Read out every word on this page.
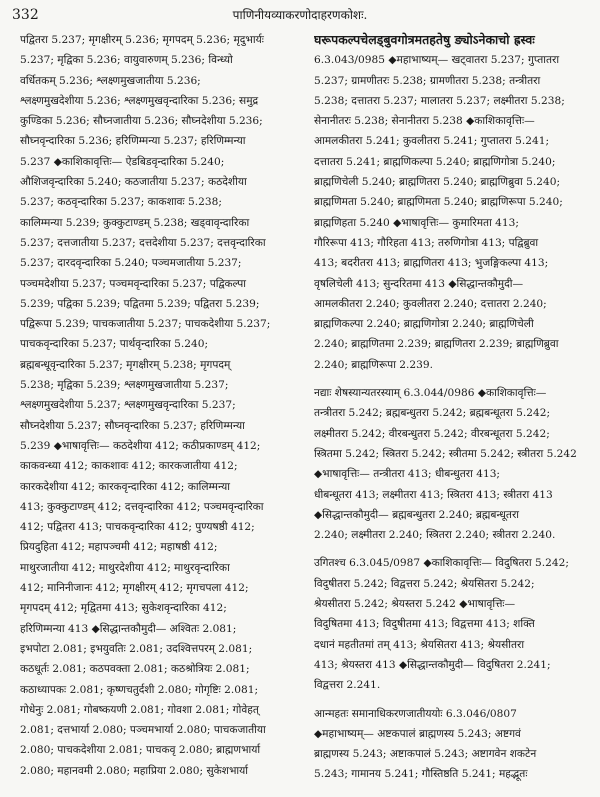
332	पाणिनीयव्याकरणोदाहरणकोशः.

पद्वितरा 5.237; मृगक्षीरम् 5.236; मृगपदम् 5.236; मृदुभार्यः
5.237; मृद्विका 5.236; वायुवारुणम् 5.236; विन्ध्यो
वर्धितकम् 5.236; श्लक्ष्णमुखजातीया 5.236;
श्लक्ष्णमुखदेशीया 5.236; श्लक्ष्णमुखवृन्दारिका 5.236; समुद्र
कुण्डिका 5.236; सौघ्नजातीया 5.236; सौघ्नदेशीया 5.236;
सौघ्नवृन्दारिका 5.236; हरिणिम्मन्या 5.237; हरिणिम्मन्या
5.237 ◆काशिकावृत्तिः— ऐडबिडवृन्दारिका 5.240;
औशिजवृन्दारिका 5.240; कठजातीया 5.237; कठदेशीया
5.237; कठवृन्दारिका 5.237; काकशावः 5.238;
कालिम्मन्या 5.239; कुक्कुटाण्डम् 5.238; खड्वावृन्दारिका
5.237; दत्तजातीया 5.237; दत्तदेशीया 5.237; दत्तवृन्दारिका
5.237; दारदवृन्दारिका 5.240; पञ्चमजातीया 5.237;
पञ्चमदेशीया 5.237; पञ्चमवृन्दारिका 5.237; पद्विकल्पा
5.239; पद्विका 5.239; पद्वितमा 5.239; पद्वितरा 5.239;
पद्विरूपा 5.239; पाचकजातीया 5.237; पाचकदेशीया 5.237;
पाचकवृन्दारिका 5.237; पार्थवृन्दारिका 5.240;
ब्रह्मबन्धूवृन्दारिका 5.237; मृगक्षीरम् 5.238; मृगपदम्
5.238; मृद्विका 5.239; श्लक्ष्णमुखजातीया 5.237;
श्लक्ष्णमुखदेशीया 5.237; श्लक्ष्णमुखवृन्दारिका 5.237;
सौघ्नदेशीया 5.237; सौघ्नवृन्दारिका 5.237; हरिणिम्मन्या
5.239 ◆भाषावृत्तिः— कठदेशीया 412; कठीप्रकाण्डम् 412;
काकवन्ध्या 412; काकशावः 412; कारकजातीया 412;
कारकदेशीया 412; कारकवृन्दारिका 412; कालिम्मन्या
413; कुक्कुटाण्डम् 412; दत्तवृन्दारिका 412; पञ्चमवृन्दारिका
412; पद्वितरा 413; पाचकवृन्दारिका 412; पुण्यषष्ठी 412;
प्रियदुहिता 412; महापञ्चमी 412; महाषष्ठी 412;
माथुरजातीया 412; माथुरदेशीया 412; माथुरवृन्दारिका
412; मानिनीजानः 412; मृगक्षीरम् 412; मृगचपला 412;
मृगपदम् 412; मृद्वितमा 413; सुकेशवृन्दारिका 412;
हरिणिम्मन्या 413 ◆सिद्धान्तकौमुदी— अश्वितः 2.081;
इभपोटा 2.081; इभयुवतिः 2.081; उदश्वित्तपरम् 2.081;
कठधूर्तः 2.081; कठपवक्ता 2.081; कठश्रोत्रियः 2.081;
कठाध्यापकः 2.081; कृष्णचतुर्दशी 2.080; गोगृष्टिः 2.081;
गोधेनुः 2.081; गोबष्कयणी 2.081; गोवशा 2.081; गोवेहत्
2.081; दत्तभार्या 2.080; पञ्चमभार्या 2.080; पाचकजातीया
2.080; पाचकदेशीया 2.081; पाचकवृ 2.080; ब्राह्मणभार्या
2.080; महानवमी 2.080; महाप्रिया 2.080; सुकेशभार्या

घरूपकल्पचेलड्बुवगोत्रमतहतेषु ङ्योऽनेकाचो ह्रस्वः

6.3.043/0985 ◆महाभाष्यम्— खट्वातरा 5.237; गुप्तातरा
5.237; ग्रामणीतरः 5.238; ग्रामणीतरा 5.238; तन्त्रीतरा
5.238; दत्तातरा 5.237; मालातरा 5.237; लक्ष्मीतरा 5.238;
सेनानीतरः 5.238; सेनानीतरा 5.238 ◆काशिकावृत्तिः—
आमलकीतरा 5.241; कुवलीतरा 5.241; गुप्तातरा 5.241;
दत्तातरा 5.241; ब्राह्मणिकल्पा 5.240; ब्राह्मणिगोत्रा 5.240;
ब्राह्मणिचेली 5.240; ब्राह्मणितरा 5.240; ब्राह्मणिब्रुवा 5.240;
ब्राह्मणिमता 5.240; ब्राह्मणिमता 5.240; ब्राह्मणिरूपा 5.240;
ब्राह्मणिहता 5.240 ◆भाषावृत्तिः— कुमारिमता 413;
गौरिरूपा 413; गौरिहता 413; तरुणिगोत्रा 413; पद्विब्रुवा
413; बदरीतरा 413; ब्राह्मणितरा 413; भुजङ्गिकल्पा 413;
वृषलिचेली 413; सुन्दरितमा 413 ◆सिद्धान्तकौमुदी—
आमलकीतरा 2.240; कुवलीतरा 2.240; दत्तातरा 2.240;
ब्राह्मणिकल्पा 2.240; ब्राह्मणिगोत्रा 2.240; ब्राह्मणिचेली
2.240; ब्राह्मणितमा 2.239; ब्राह्मणितरा 2.239; ब्राह्मणिब्रुवा
2.240; ब्राह्मणिरूपा 2.239.

नद्याः शेषस्यान्यतरस्याम् 6.3.044/0986 ◆काशिकावृत्तिः—
तन्त्रीतरा 5.242; ब्रह्मबन्धुतरा 5.242; ब्रह्मबन्धूतरा 5.242;
लक्ष्मीतरा 5.242; वीरबन्धुतरा 5.242; वीरबन्धूतरा 5.242;
स्त्रितमा 5.242; स्त्रितरा 5.242; स्त्रीतमा 5.242; स्त्रीतरा 5.242
◆भाषावृत्तिः— तन्त्रीतरा 413; धीबन्धुतरा 413;
धीबन्धूतरा 413; लक्ष्मीतरा 413; स्त्रितरा 413; स्त्रीतरा 413
◆सिद्धान्तकौमुदी— ब्रह्मबन्धुतरा 2.240; ब्रह्मबन्धूतरा
2.240; लक्ष्मीतरा 2.240; स्त्रितरा 2.240; स्त्रीतरा 2.240.

उगितश्च 6.3.045/0987 ◆काशिकावृत्तिः— विदुषितरा 5.242;
विदुषीतरा 5.242; विद्वत्तरा 5.242; श्रेयसितरा 5.242;
श्रेयसीतरा 5.242; श्रेयस्तरा 5.242 ◆भाषावृत्तिः—
विदुषितमा 413; विदुषीतमा 413; विद्वत्तमा 413; शक्ति
दधानं महतीतमां तम् 413; श्रेयसितरा 413; श्रेयसीतरा
413; श्रेयस्तरा 413 ◆सिद्धान्तकौमुदी— विदुषितरा 2.241;
विद्वत्तरा 2.241.

आन्महतः समानाधिकरणजातीययोः 6.3.046/0807
◆महाभाष्यम्— अष्टकपालं ब्राह्मणस्य 5.243; अष्टगवं
ब्राह्मणस्य 5.243; अष्टाकपालं 5.243; अष्टागवेन शकटेन
5.243; गामानय 5.241; गौस्तिष्ठति 5.241; महद्भूतः
